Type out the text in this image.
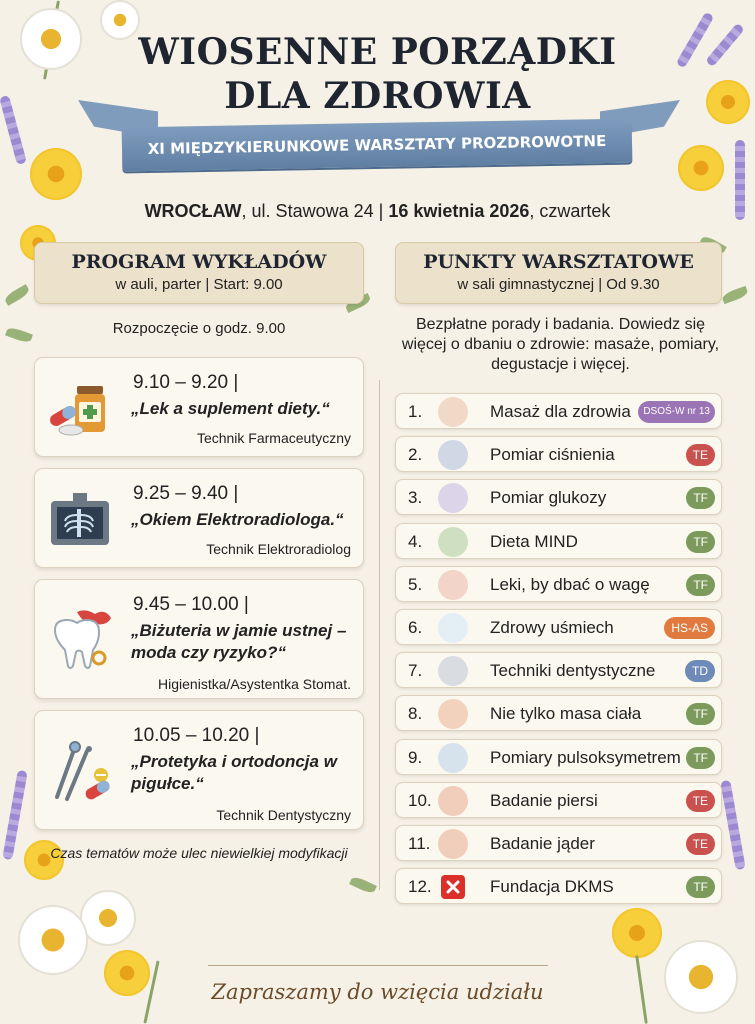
WIOSENNE PORZĄDKI
DLA ZDROWIA
XI MIĘDZYKIERUNKOWE WARSZTATY PROZDROWOTNE
WROCŁAW, ul. Stawowa 24 | 16 kwietnia 2026, czwartek
PROGRAM WYKŁADÓW
w auli, parter | Start: 9.00
Rozpoczęcie o godz. 9.00
9.10 – 9.20 |
„Lek a suplement diety.“
Technik Farmaceutyczny
9.25 – 9.40 |
„Okiem Elektroradiologa.“
Technik Elektroradiolog
9.45 – 10.00 |
„Biżuteria w jamie ustnej – moda czy ryzyko?“
Higienistka/Asystentka Stomat.
10.05 – 10.20 |
„Protetyka i ortodoncja w pigułce.“
Technik Dentystyczny
Czas tematów może ulec niewielkiej modyfikacji
PUNKTY WARSZTATOWE
w sali gimnastycznej | Od 9.30
Bezpłatne porady i badania. Dowiedz się więcej o dbaniu o zdrowie: masaże, pomiary, degustacje i więcej.
1.	Masaż dla zdrowia	DSOŚ-W nr 13
2.	Pomiar ciśnienia	TE
3.	Pomiar glukozy	TF
4.	Dieta MIND	TF
5.	Leki, by dbać o wagę	TF
6.	Zdrowy uśmiech	HS-AS
7.	Techniki dentystyczne	TD
8.	Nie tylko masa ciała	TF
9.	Pomiary pulsoksymetrem	TF
10.	Badanie piersi	TE
11.	Badanie jąder	TE
12.	Fundacja DKMS	TF
Zapraszamy do wzięcia udziału
